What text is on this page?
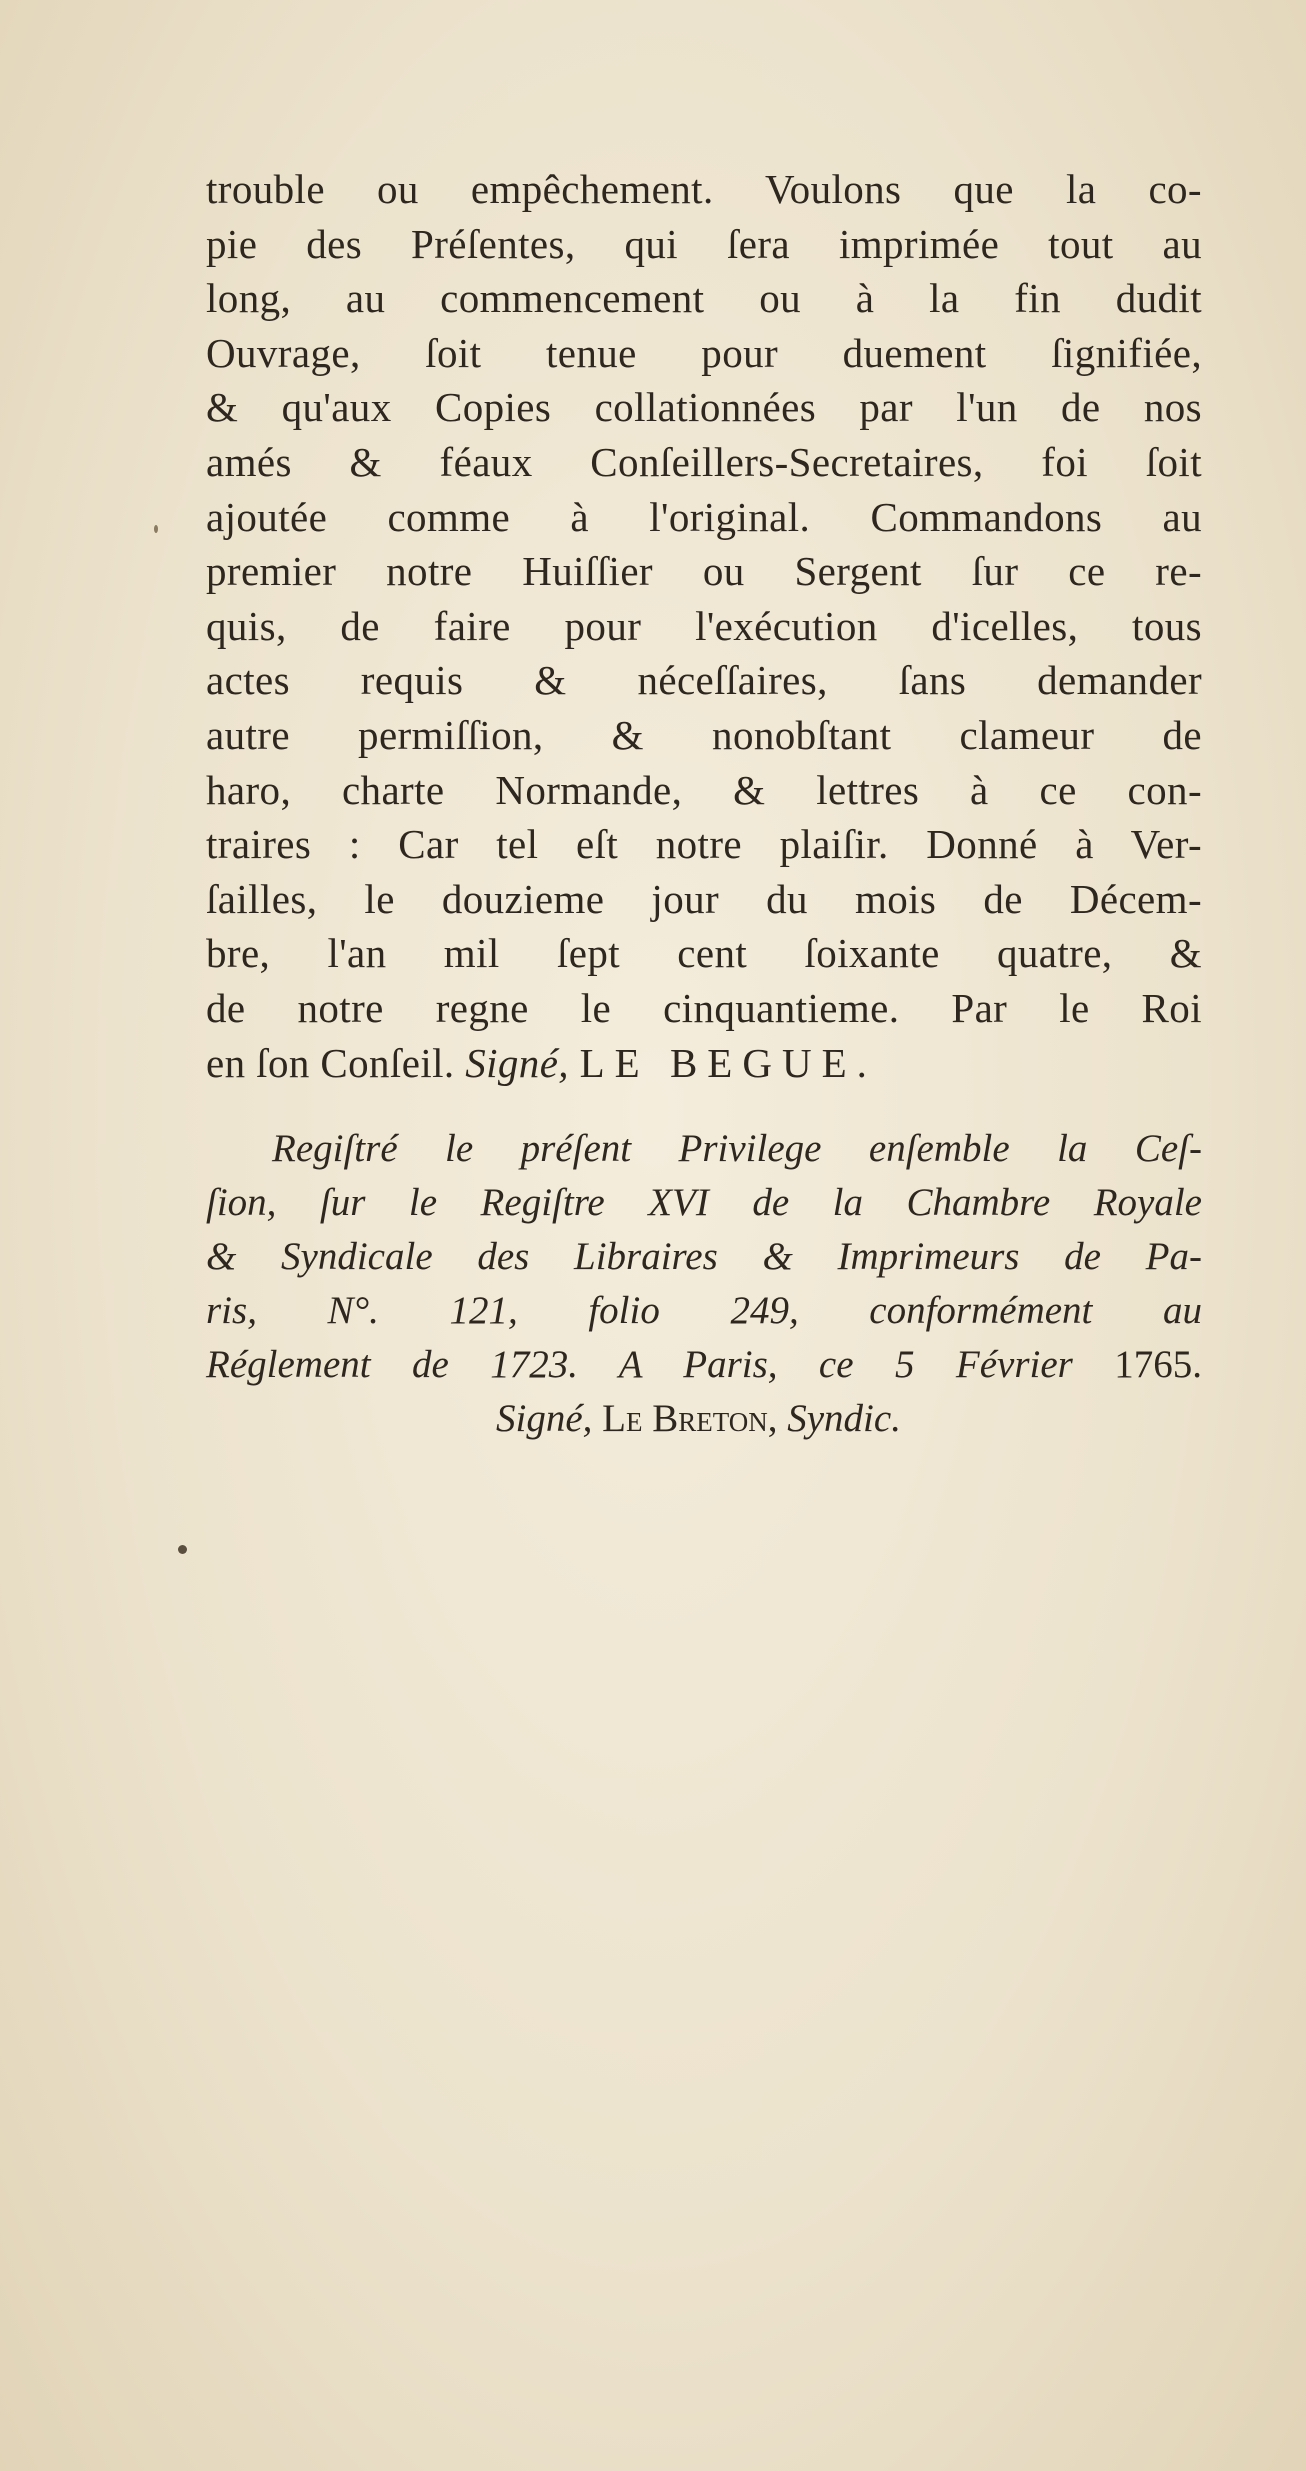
trouble ou empêchement. Voulons que la co-
pie des Préſentes, qui ſera imprimée tout au
long, au commencement ou à la fin dudit
Ouvrage, ſoit tenue pour duement ſignifiée,
& qu'aux Copies collationnées par l'un de nos
amés & féaux Conſeillers-Secretaires, foi ſoit
ajoutée comme à l'original. Commandons au
premier notre Huiſſier ou Sergent ſur ce re-
quis, de faire pour l'exécution d'icelles, tous
actes requis & néceſſaires, ſans demander
autre permiſſion, & nonobſtant clameur de
haro, charte Normande, & lettres à ce con-
traires : Car tel eſt notre plaiſir. Donné à Ver-
ſailles, le douzieme jour du mois de Décem-
bre, l'an mil ſept cent ſoixante quatre, &
de notre regne le cinquantieme. Par le Roi
en ſon Conſeil. Signé, LE BEGUE.
Regiſtré le préſent Privilege enſemble la Ceſ-
ſion, ſur le Regiſtre XVI de la Chambre Royale
& Syndicale des Libraires & Imprimeurs de Pa-
ris, N°. 121, folio 249, conformément au
Réglement de 1723. A Paris, ce 5 Février 1765.
Signé, Le Breton, Syndic.
